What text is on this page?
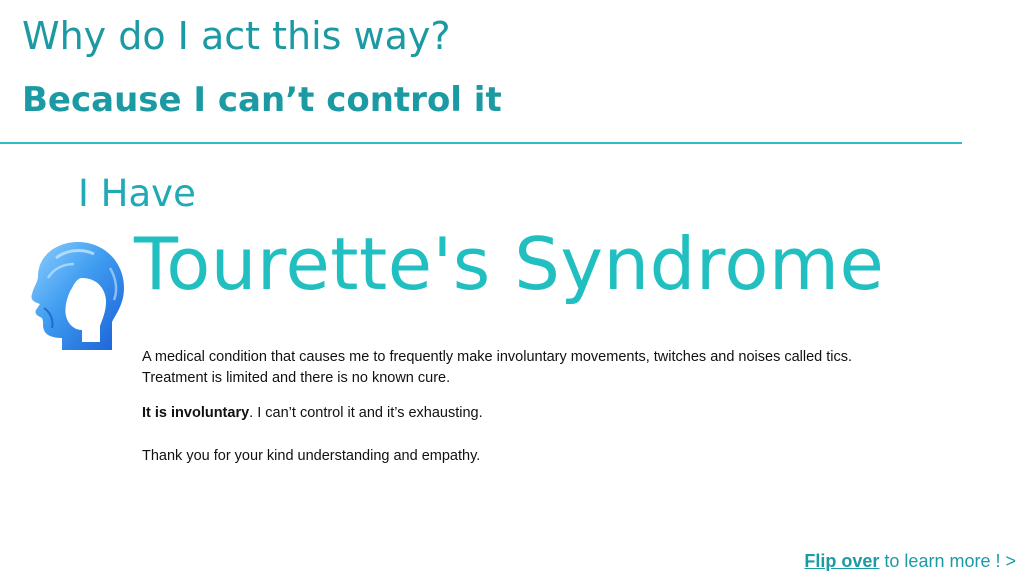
Why do I act this way?
Because I can’t control it
I Have
Tourette's Syndrome

A medical condition that causes me to frequently make involuntary movements, twitches and noises called tics. Treatment is limited and there is no known cure.

It is involuntary. I can’t control it and it’s exhausting.

Thank you for your kind understanding and empathy.

Flip over to learn more ! >
